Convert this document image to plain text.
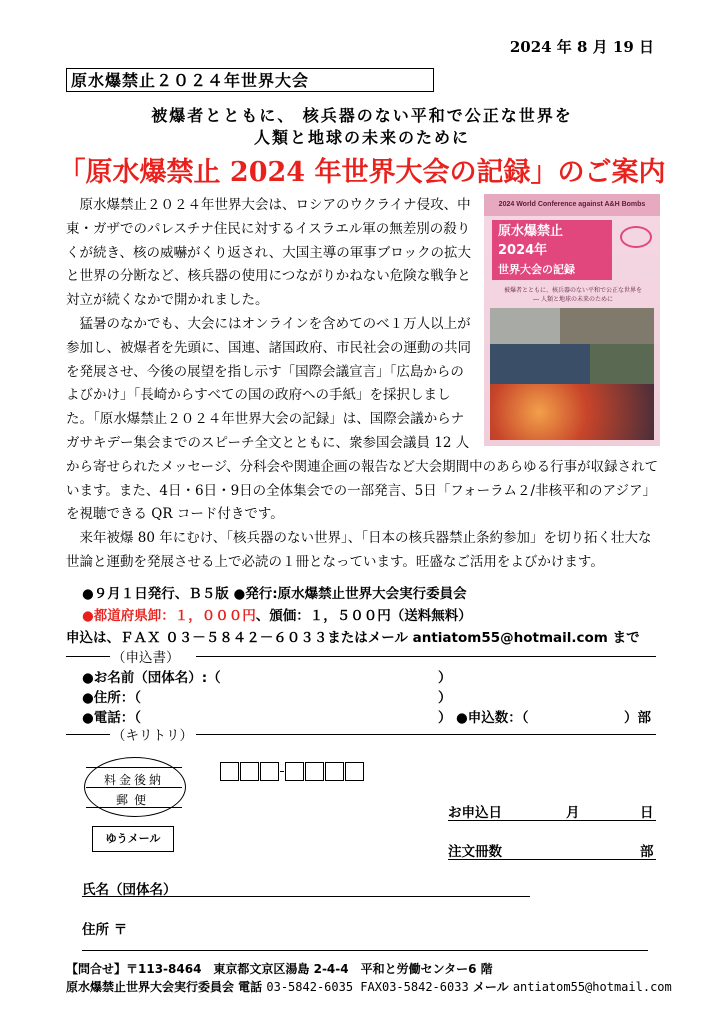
2024 年 8 月 19 日
原水爆禁止２０２４年世界大会
被爆者とともに、 核兵器のない平和で公正な世界を
人類と地球の未来のために
「原水爆禁止 2024 年世界大会の記録」のご案内
2024 World Conference against A&H Bombs
原水爆禁止
2024年
世界大会の記録
被爆者とともに、核兵器のない平和で公正な世界を
― 人類と地球の未来のために

原水爆禁止２０２４年世界大会は、ロシアのウクライナ侵攻、中東・ガザでのパレスチナ住民に対するイスラエル軍の無差別の殺りくが続き、核の威嚇がくり返され、大国主導の軍事ブロックの拡大と世界の分断など、核兵器の使用につながりかねない危険な戦争と対立が続くなかで開かれました。

猛暑のなかでも、大会にはオンラインを含めてのべ１万人以上が参加し、被爆者を先頭に、国連、諸国政府、市民社会の運動の共同を発展させ、今後の展望を指し示す「国際会議宣言」「広島からのよびかけ」「長崎からすべての国の政府への手紙」を採択しました。「原水爆禁止２０２４年世界大会の記録」は、国際会議からナガサキデー集会までのスピーチ全文とともに、衆参国会議員 12 人から寄せられたメッセージ、分科会や関連企画の報告など大会期間中のあらゆる行事が収録されています。また、4日・6日・9日の全体集会での一部発言、5日「フォーラム２/非核平和のアジア」を視聴できる QR コード付きです。

来年被爆 80 年にむけ、「核兵器のない世界」、「日本の核兵器禁止条約参加」を切り拓く壮大な世論と運動を発展させる上で必読の１冊となっています。旺盛なご活用をよびかけます。

●９月１日発行、Ｂ５版 ●発行:原水爆禁止世界大会実行委員会
●都道府県卸：１，０００円、頒価：１，５００円（送料無料）
申込は、ＦＡＸ ０３－５８４２－６０３３またはメール antiatom55@hotmail.com まで
（申込書）
●お名前（団体名）:（	）
●住所：（	）
●電話：（	） ●申込数：（	）部
（キリトリ）
料金後納
郵便
ゆうメール
お申込日	月	日
注文冊数	部
氏名（団体名）
住所 〒
【問合せ】〒113-8464　東京都文京区湯島 2-4-4　平和と労働センター6 階
原水爆禁止世界大会実行委員会 電話 03-5842-6035 FAX03-5842-6033 メール antiatom55@hotmail.com
